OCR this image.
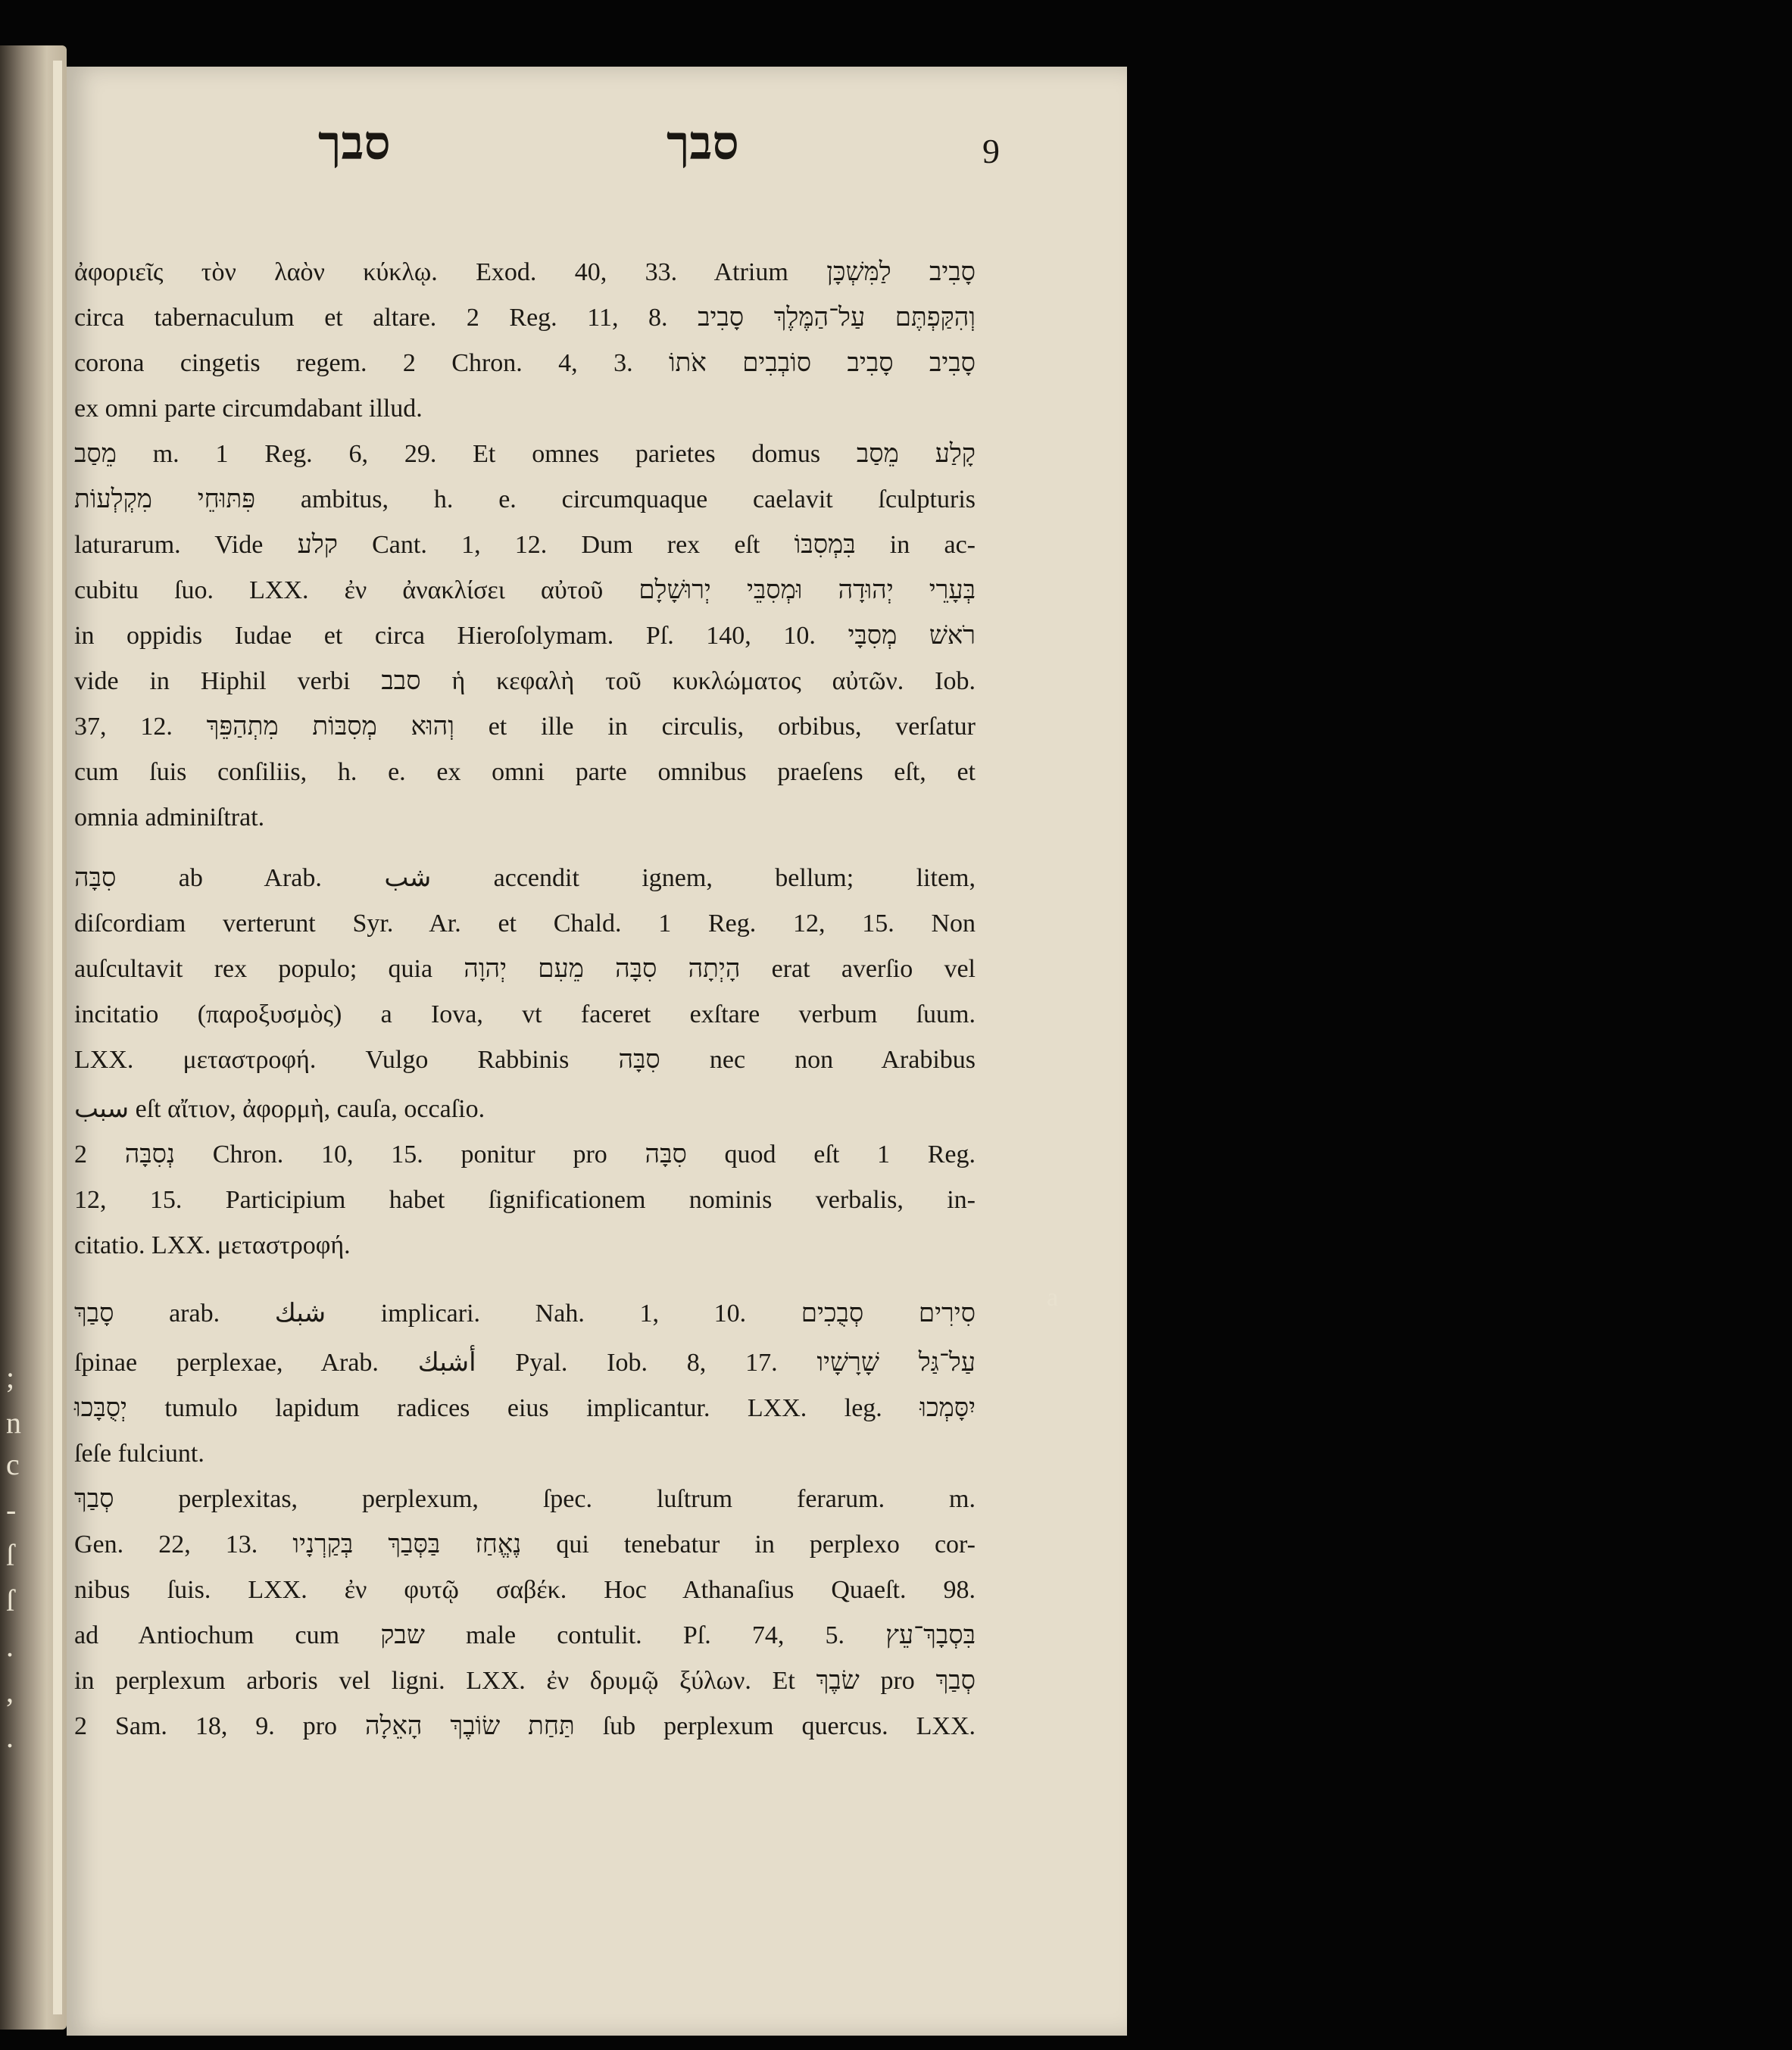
;
n
c
-
ſ
ſ
.
,
.
סבך	סבך	9
ἀφοριεῖς τὸν λαὸν κύκλῳ. Exod. 40, 33. Atrium סָבִיב לַמִּשְׁכָּן
circa tabernaculum et altare. 2 Reg. 11, 8. וְהִקַּפְתֶּם עַל־הַמֶּלֶךְ סָבִיב
corona cingetis regem. 2 Chron. 4, 3. סָבִיב סָבִיב סוֹבְבִים אֹתוֹ
ex omni parte circumdabant illud.
מֵסַב m. 1 Reg. 6, 29. Et omnes parietes domus קָלַע מֵסַב
פִּתּוּחֵי מִקְלְעוֹת ambitus, h. e. circumquaque caelavit ſculpturis
laturarum. Vide קלע Cant. 1, 12. Dum rex eſt בִּמְסִבּוֹ in ac-
cubitu ſuo. LXX. ἐν ἀνακλίσει αὐτοῦ בְּעָרֵי יְהוּדָה וּמְסִבֵּי יְרוּשָׁלָם
in oppidis Iudae et circa Hieroſolymam. Pſ. 140, 10. רֹאשׁ מְסִבָּי
vide in Hiphil verbi סבב ἡ κεφαλὴ τοῦ κυκλώματος αὐτῶν. Iob.
37, 12. וְהוּא מְסִבּוֹת מִתְהַפֵּךְ et ille in circulis, orbibus, verſatur
cum ſuis conſiliis, h. e. ex omni parte omnibus praeſens eſt, et
omnia adminiſtrat.
סִבָּה ab Arab. شب accendit ignem, bellum; litem,
diſcordiam verterunt Syr. Ar. et Chald. 1 Reg. 12, 15. Non
auſcultavit rex populo; quia הָיְתָה סִבָּה מֵעִם יְהוָה erat averſio vel
incitatio (παροξυσμὸς) a Iova, vt faceret exſtare verbum ſuum.
LXX. μεταστροφή. Vulgo Rabbinis סִבָּה nec non Arabibus
سبب eſt αἴτιον, ἀφορμὴ, cauſa, occaſio.
נְסִבָּה 2 Chron. 10, 15. ponitur pro סִבָּה quod eſt 1 Reg.
12, 15. Participium habet ſignificationem nominis verbalis, in-
citatio. LXX. μεταστροφή.
סָבַךְ arab. شبك implicari. Nah. 1, 10. סִירִים סְבֻכִים
ſpinae perplexae, Arab. أشبك Pyal. Iob. 8, 17. עַל־גַּל שָׁרָשָׁיו
יְסֻבָּכוּ tumulo lapidum radices eius implicantur. LXX. leg. יִסָּמְכוּ
ſeſe fulciunt.
סְבַךְ perplexitas, perplexum, ſpec. luſtrum ferarum. m.
Gen. 22, 13. נֶאֱחַז בַּסְּבַךְ בְּקַרְנָיו qui tenebatur in perplexo cor-
nibus ſuis. LXX. ἐν φυτῷ σαβέκ. Hoc Athanaſius Quaeſt. 98.
ad Antiochum cum שבק male contulit. Pſ. 74, 5. בִּסְבָךְ־עֵץ
in perplexum arboris vel ligni. LXX. ἐν δρυμῷ ξύλων. Et שׂבֶךְ pro סְבַךְ
2 Sam. 18, 9. pro תַּחַת שׂוֹבֶךְ הָאֵלָה ſub perplexum quercus. LXX.
a
